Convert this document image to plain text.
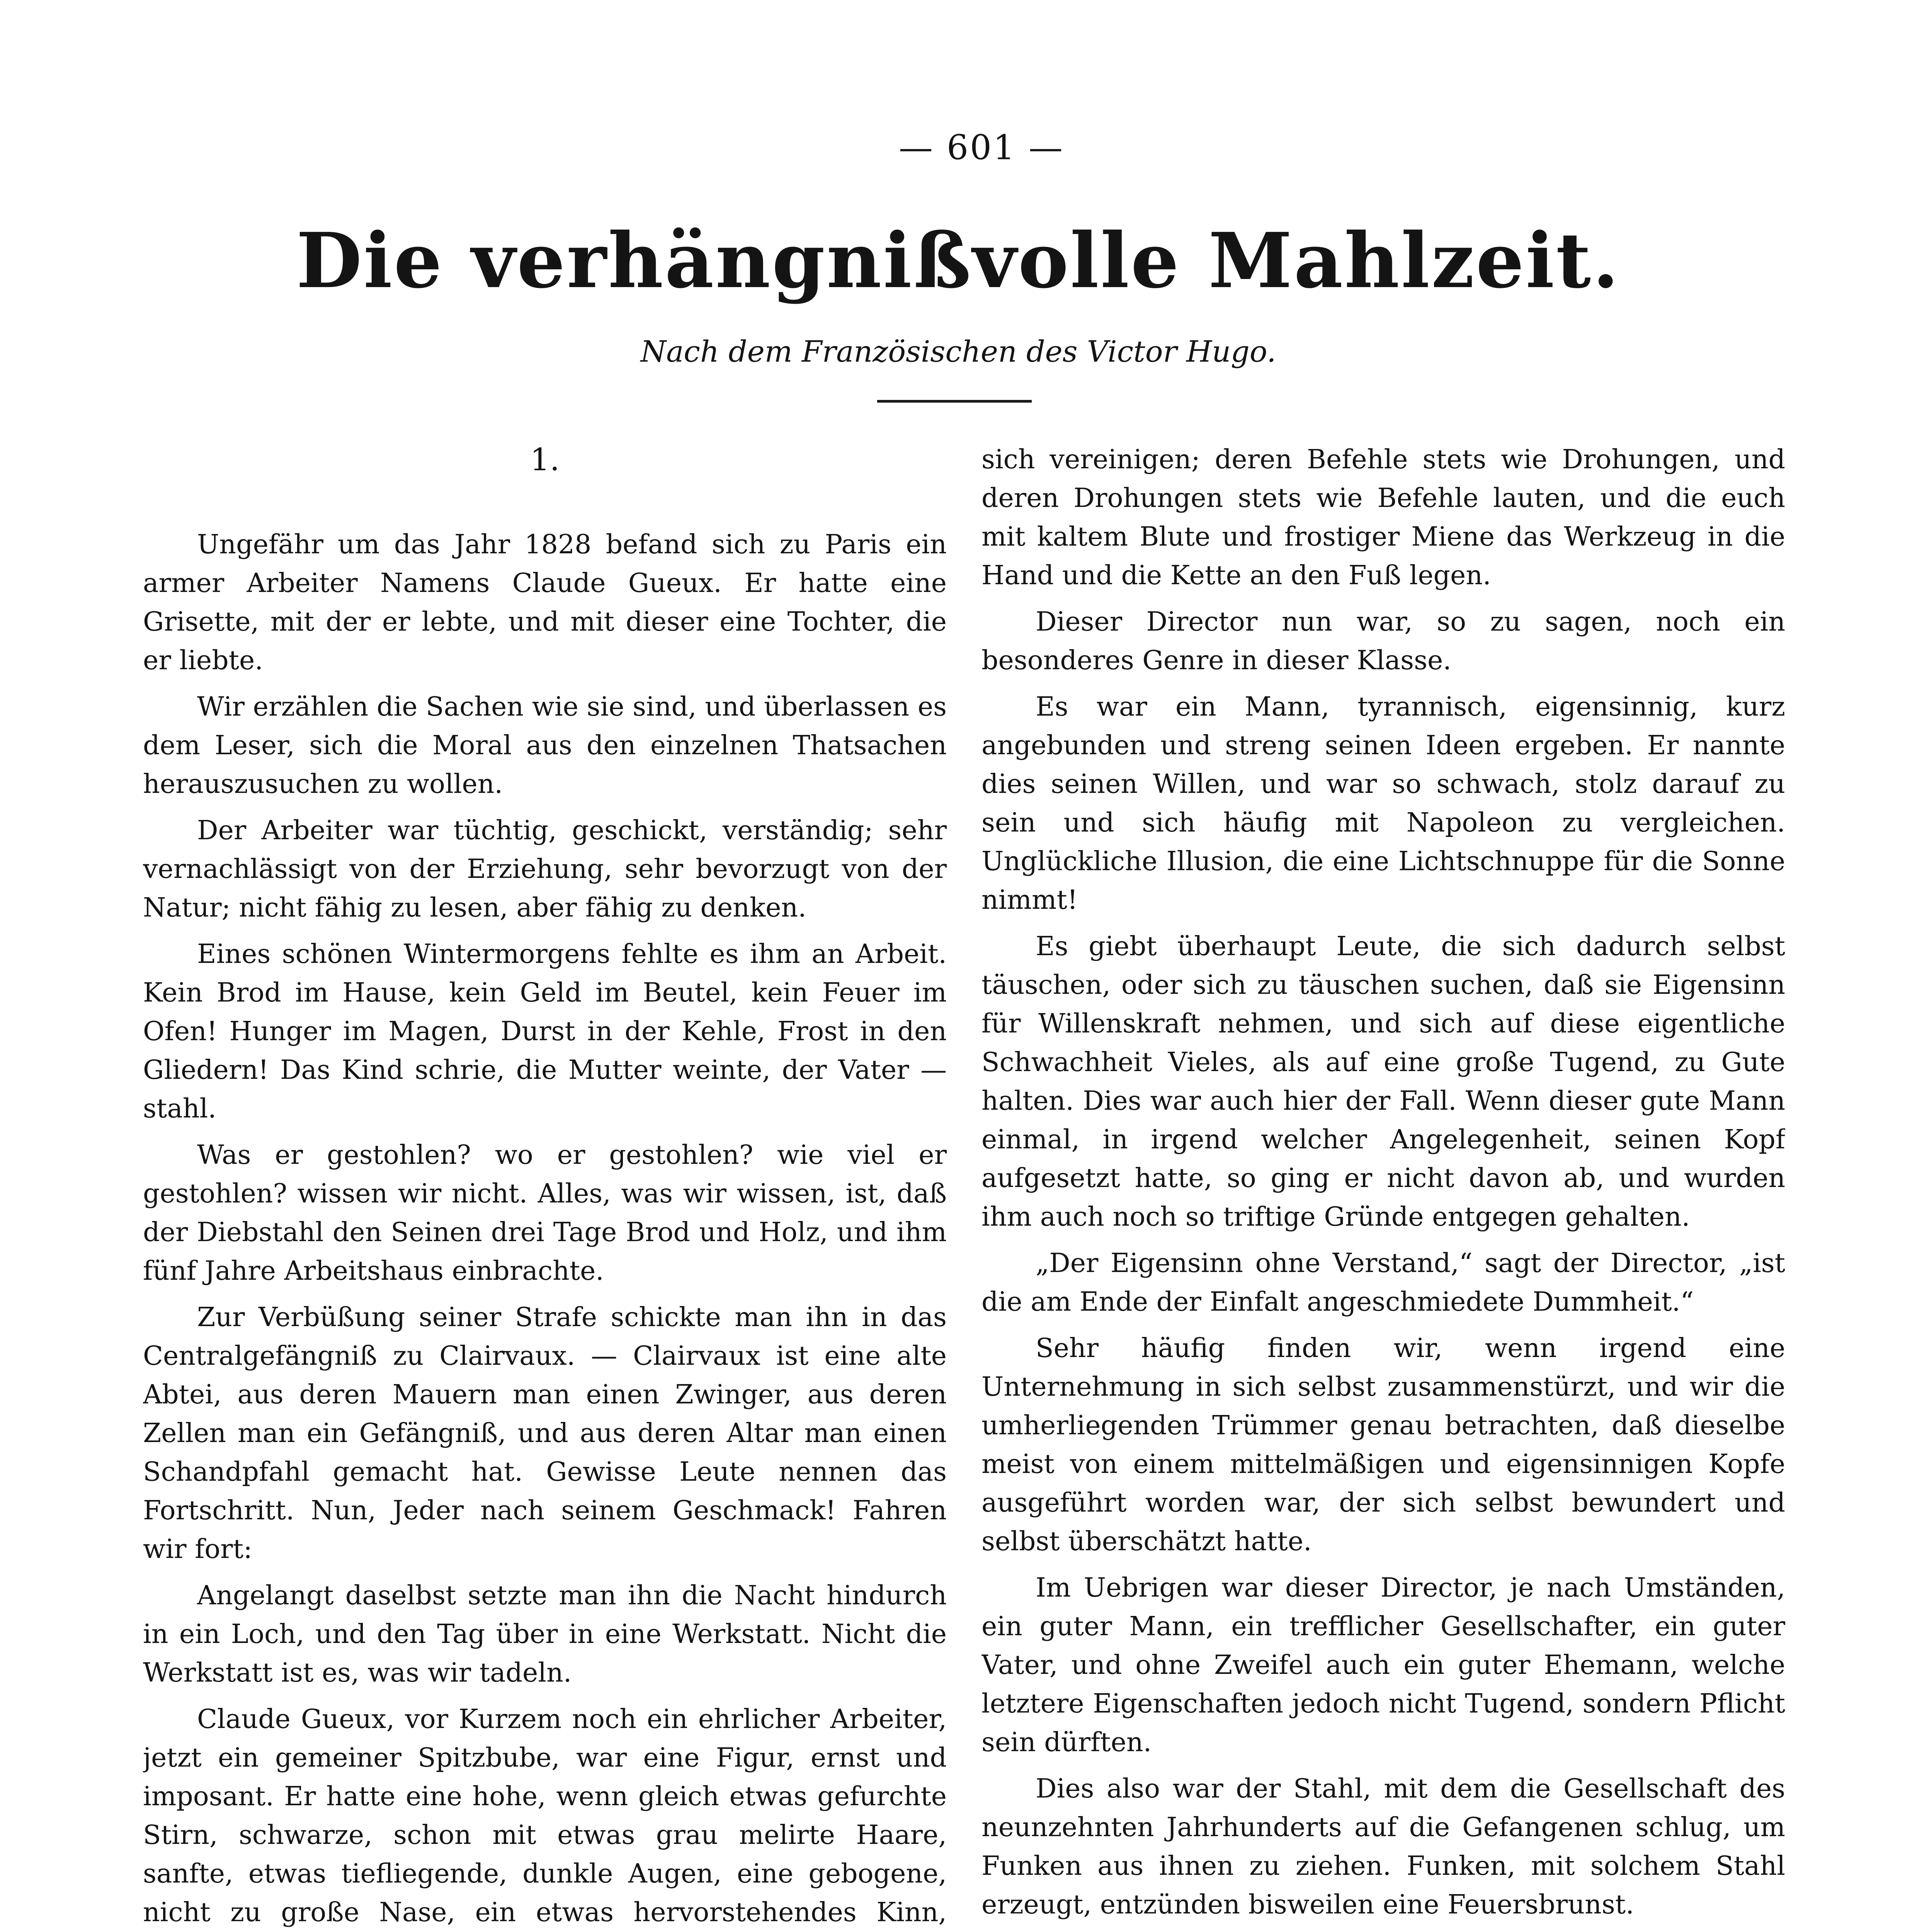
— 601 —
Die verhängnißvolle Mahlzeit.
Nach dem Französischen des Victor Hugo.
1.

Ungefähr um das Jahr 1828 befand sich zu Paris ein armer Arbeiter Namens Claude Gueux. Er hatte eine Grisette, mit der er lebte, und mit dieser eine Tochter, die er liebte.

Wir erzählen die Sachen wie sie sind, und überlassen es dem Leser, sich die Moral aus den einzelnen Thatsachen herauszusuchen zu wollen.

Der Arbeiter war tüchtig, geschickt, verständig; sehr vernachlässigt von der Erziehung, sehr bevorzugt von der Natur; nicht fähig zu lesen, aber fähig zu denken.

Eines schönen Wintermorgens fehlte es ihm an Arbeit. Kein Brod im Hause, kein Geld im Beutel, kein Feuer im Ofen! Hunger im Magen, Durst in der Kehle, Frost in den Gliedern! Das Kind schrie, die Mutter weinte, der Vater — stahl.

Was er gestohlen? wo er gestohlen? wie viel er gestohlen? wissen wir nicht. Alles, was wir wissen, ist, daß der Diebstahl den Seinen drei Tage Brod und Holz, und ihm fünf Jahre Arbeitshaus einbrachte.

Zur Verbüßung seiner Strafe schickte man ihn in das Centralgefängniß zu Clairvaux. — Clairvaux ist eine alte Abtei, aus deren Mauern man einen Zwinger, aus deren Zellen man ein Gefängniß, und aus deren Altar man einen Schandpfahl gemacht hat. Gewisse Leute nennen das Fortschritt. Nun, Jeder nach seinem Geschmack! Fahren wir fort:

Angelangt daselbst setzte man ihn die Nacht hindurch in ein Loch, und den Tag über in eine Werkstatt. Nicht die Werkstatt ist es, was wir tadeln.

Claude Gueux, vor Kurzem noch ein ehrlicher Arbeiter, jetzt ein gemeiner Spitzbube, war eine Figur, ernst und imposant. Er hatte eine hohe, wenn gleich etwas gefurchte Stirn, schwarze, schon mit etwas grau melirte Haare, sanfte, etwas tiefliegende, dunkle Augen, eine gebogene, nicht zu große Nase, ein etwas hervorstehendes Kinn,

sich vereinigen; deren Befehle stets wie Drohungen, und deren Drohungen stets wie Befehle lauten, und die euch mit kaltem Blute und frostiger Miene das Werkzeug in die Hand und die Kette an den Fuß legen.

Dieser Director nun war, so zu sagen, noch ein besonderes Genre in dieser Klasse.

Es war ein Mann, tyrannisch, eigensinnig, kurz angebunden und streng seinen Ideen ergeben. Er nannte dies seinen Willen, und war so schwach, stolz darauf zu sein und sich häufig mit Napoleon zu vergleichen. Unglückliche Illusion, die eine Lichtschnuppe für die Sonne nimmt!

Es giebt überhaupt Leute, die sich dadurch selbst täuschen, oder sich zu täuschen suchen, daß sie Eigensinn für Willenskraft nehmen, und sich auf diese eigentliche Schwachheit Vieles, als auf eine große Tugend, zu Gute halten. Dies war auch hier der Fall. Wenn dieser gute Mann einmal, in irgend welcher Angelegenheit, seinen Kopf aufgesetzt hatte, so ging er nicht davon ab, und wurden ihm auch noch so triftige Gründe entgegen gehalten.

„Der Eigensinn ohne Verstand,“ sagt der Director, „ist die am Ende der Einfalt angeschmiedete Dummheit.“

Sehr häufig finden wir, wenn irgend eine Unternehmung in sich selbst zusammenstürzt, und wir die umherliegenden Trümmer genau betrachten, daß dieselbe meist von einem mittelmäßigen und eigensinnigen Kopfe ausgeführt worden war, der sich selbst bewundert und selbst überschätzt hatte.

Im Uebrigen war dieser Director, je nach Umständen, ein guter Mann, ein trefflicher Gesellschafter, ein guter Vater, und ohne Zweifel auch ein guter Ehemann, welche letztere Eigenschaften jedoch nicht Tugend, sondern Pflicht sein dürften.

Dies also war der Stahl, mit dem die Gesellschaft des neunzehnten Jahrhunderts auf die Gefangenen schlug, um Funken aus ihnen zu ziehen. Funken, mit solchem Stahl erzeugt, entzünden bisweilen eine Feuersbrunst.
